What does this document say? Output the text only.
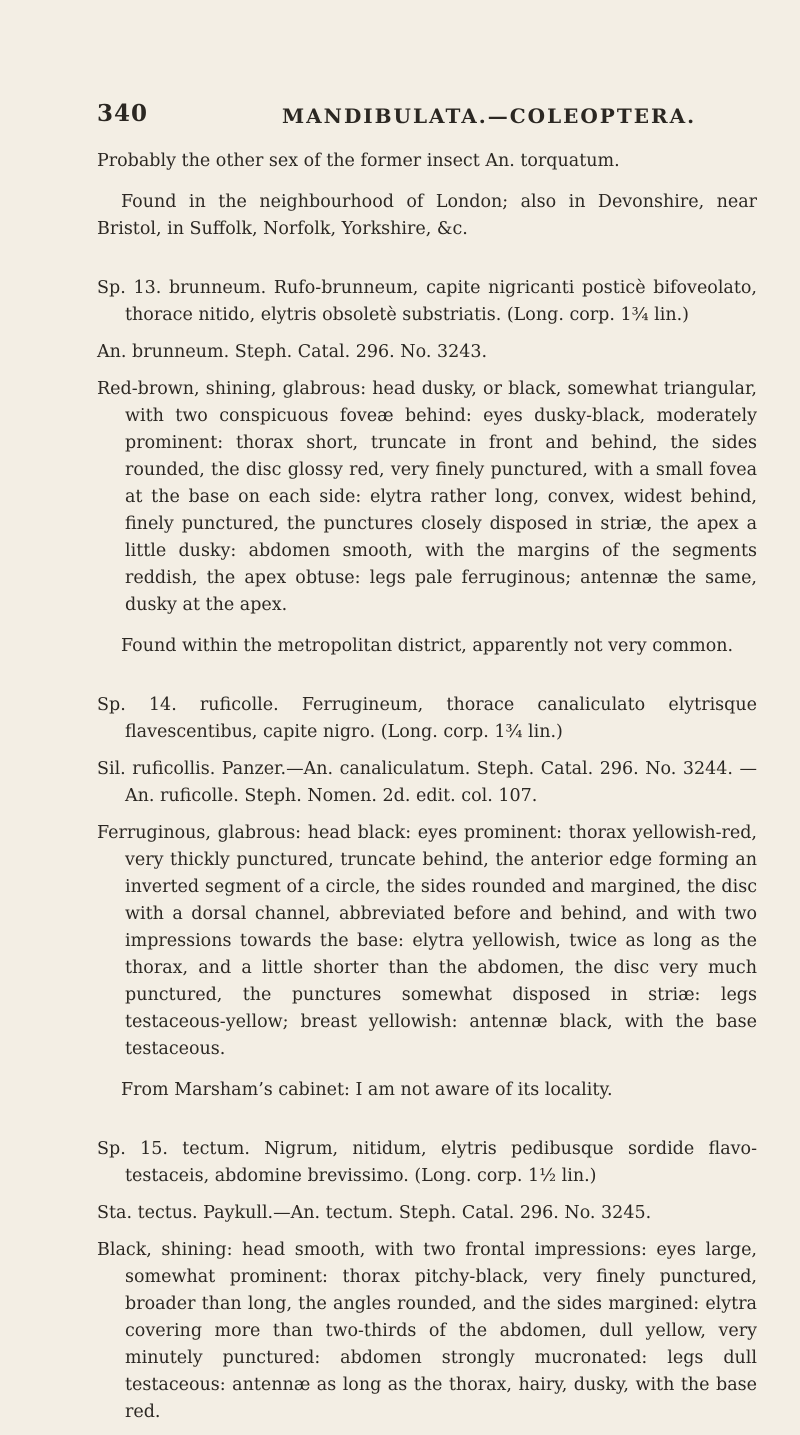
340	MANDIBULATA.—COLEOPTERA.

Probably the other sex of the former insect An. torquatum.

Found in the neighbourhood of London; also in Devonshire, near Bristol, in Suffolk, Norfolk, Yorkshire, &c.

Sp. 13. brunneum. Rufo-brunneum, capite nigricanti posticè bifoveolato, thorace nitido, elytris obsoletè substriatis. (Long. corp. 1¾ lin.)

An. brunneum. Steph. Catal. 296. No. 3243.

Red-brown, shining, glabrous: head dusky, or black, somewhat triangular, with two conspicuous foveæ behind: eyes dusky-black, moderately prominent: thorax short, truncate in front and behind, the sides rounded, the disc glossy red, very finely punctured, with a small fovea at the base on each side: elytra rather long, convex, widest behind, finely punctured, the punctures closely disposed in striæ, the apex a little dusky: abdomen smooth, with the margins of the segments reddish, the apex obtuse: legs pale ferruginous; antennæ the same, dusky at the apex.

Found within the metropolitan district, apparently not very common.

Sp. 14. ruficolle. Ferrugineum, thorace canaliculato elytrisque flavescentibus, capite nigro. (Long. corp. 1¾ lin.)

Sil. ruficollis. Panzer.—An. canaliculatum. Steph. Catal. 296. No. 3244. —An. ruficolle. Steph. Nomen. 2d. edit. col. 107.

Ferruginous, glabrous: head black: eyes prominent: thorax yellowish-red, very thickly punctured, truncate behind, the anterior edge forming an inverted segment of a circle, the sides rounded and margined, the disc with a dorsal channel, abbreviated before and behind, and with two impressions towards the base: elytra yellowish, twice as long as the thorax, and a little shorter than the abdomen, the disc very much punctured, the punctures somewhat disposed in striæ: legs testaceous-yellow; breast yellowish: antennæ black, with the base testaceous.

From Marsham’s cabinet: I am not aware of its locality.

Sp. 15. tectum. Nigrum, nitidum, elytris pedibusque sordide flavo-testaceis, abdomine brevissimo. (Long. corp. 1½ lin.)

Sta. tectus. Paykull.—An. tectum. Steph. Catal. 296. No. 3245.

Black, shining: head smooth, with two frontal impressions: eyes large, somewhat prominent: thorax pitchy-black, very finely punctured, broader than long, the angles rounded, and the sides margined: elytra covering more than two-thirds of the abdomen, dull yellow, very minutely punctured: abdomen strongly mucronated: legs dull testaceous: antennæ as long as the thorax, hairy, dusky, with the base red.
